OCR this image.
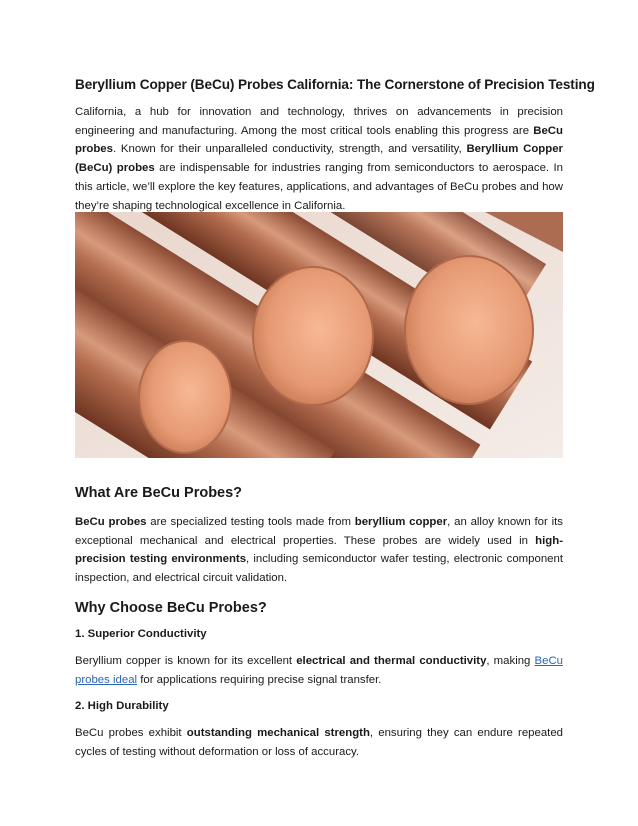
Beryllium Copper (BeCu) Probes California: The Cornerstone of Precision Testing

California, a hub for innovation and technology, thrives on advancements in precision engineering and manufacturing. Among the most critical tools enabling this progress are BeCu probes. Known for their unparalleled conductivity, strength, and versatility, Beryllium Copper (BeCu) probes are indispensable for industries ranging from semiconductors to aerospace. In this article, we’ll explore the key features, applications, and advantages of BeCu probes and how they’re shaping technological excellence in California.

What Are BeCu Probes?

BeCu probes are specialized testing tools made from beryllium copper, an alloy known for its exceptional mechanical and electrical properties. These probes are widely used in high-precision testing environments, including semiconductor wafer testing, electronic component inspection, and electrical circuit validation.

Why Choose BeCu Probes?
1. Superior Conductivity

Beryllium copper is known for its excellent electrical and thermal conductivity, making BeCu probes ideal for applications requiring precise signal transfer.

2. High Durability

BeCu probes exhibit outstanding mechanical strength, ensuring they can endure repeated cycles of testing without deformation or loss of accuracy.
